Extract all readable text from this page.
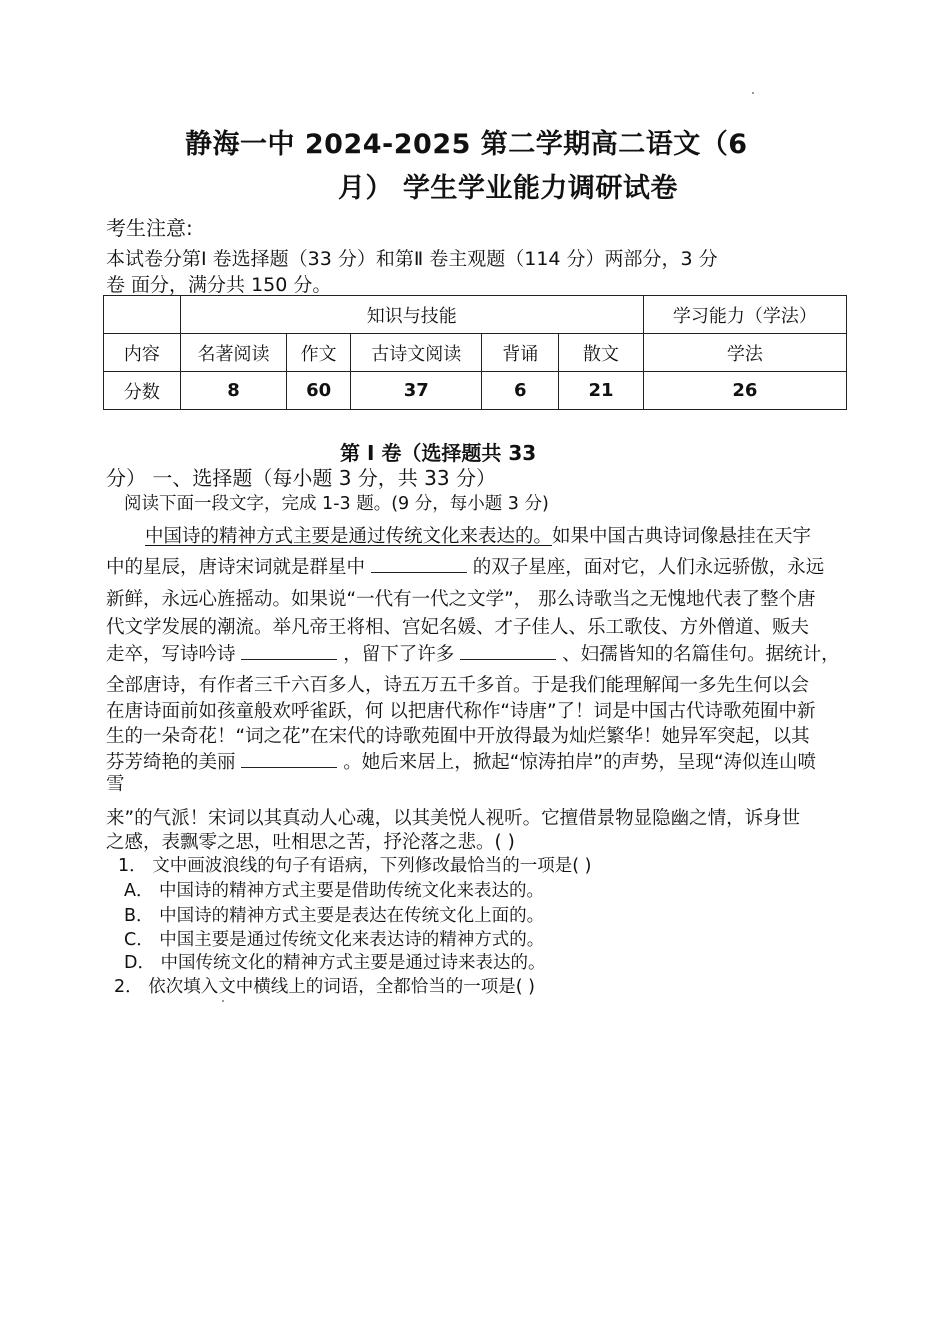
静海一中 2024-2025 第二学期高二语文（6
月） 学生学业能力调研试卷
考生注意:
本试卷分第Ⅰ 卷选择题（33 分）和第Ⅱ 卷主观题（114 分）两部分，3 分
卷 面分，满分共 150 分。
	知识与技能					学习能力（学法）
内容	名著阅读	作文	古诗文阅读	背诵	散文	学法
分数	8	60	37	6	21	26
第 Ⅰ 卷（选择题共 33
分） 一、选择题（每小题 3 分，共 33 分）
阅读下面一段文字，完成 1-3 题。(9 分，每小题 3 分)
中国诗的精神方式主要是通过传统文化来表达的。如果中国古典诗词像悬挂在天宇
中的星辰，唐诗宋词就是群星中	的双子星座，面对它，人们永远骄傲，永远
新鲜，永远心旌摇动。如果说“一代有一代之文学”， 那么诗歌当之无愧地代表了整个唐
代文学发展的潮流。举凡帝王将相、宫妃名媛、才子佳人、乐工歌伎、方外僧道、贩夫
走卒，写诗吟诗	，留下了许多	、妇孺皆知的名篇佳句。据统计，
全部唐诗，有作者三千六百多人，诗五万五千多首。于是我们能理解闻一多先生何以会
在唐诗面前如孩童般欢呼雀跃，何 以把唐代称作“诗唐”了！词是中国古代诗歌苑囿中新
生的一朵奇花！“词之花”在宋代的诗歌苑囿中开放得最为灿烂繁华！她异军突起，以其
芬芳绮艳的美丽	。她后来居上，掀起“惊涛拍岸”的声势，呈现“涛似连山喷
雪
来”的气派！宋词以其真动人心魂，以其美悦人视听。它擅借景物显隐幽之情，诉身世
之感，表飘零之思，吐相思之苦，抒沦落之悲。( )
1． 文中画波浪线的句子有语病，下列修改最恰当的一项是( )
A． 中国诗的精神方式主要是借助传统文化来表达的。
B． 中国诗的精神方式主要是表达在传统文化上面的。
C． 中国主要是通过传统文化来表达诗的精神方式的。
D． 中国传统文化的精神方式主要是通过诗来表达的。
2． 依次填入文中横线上的词语，全都恰当的一项是( )
